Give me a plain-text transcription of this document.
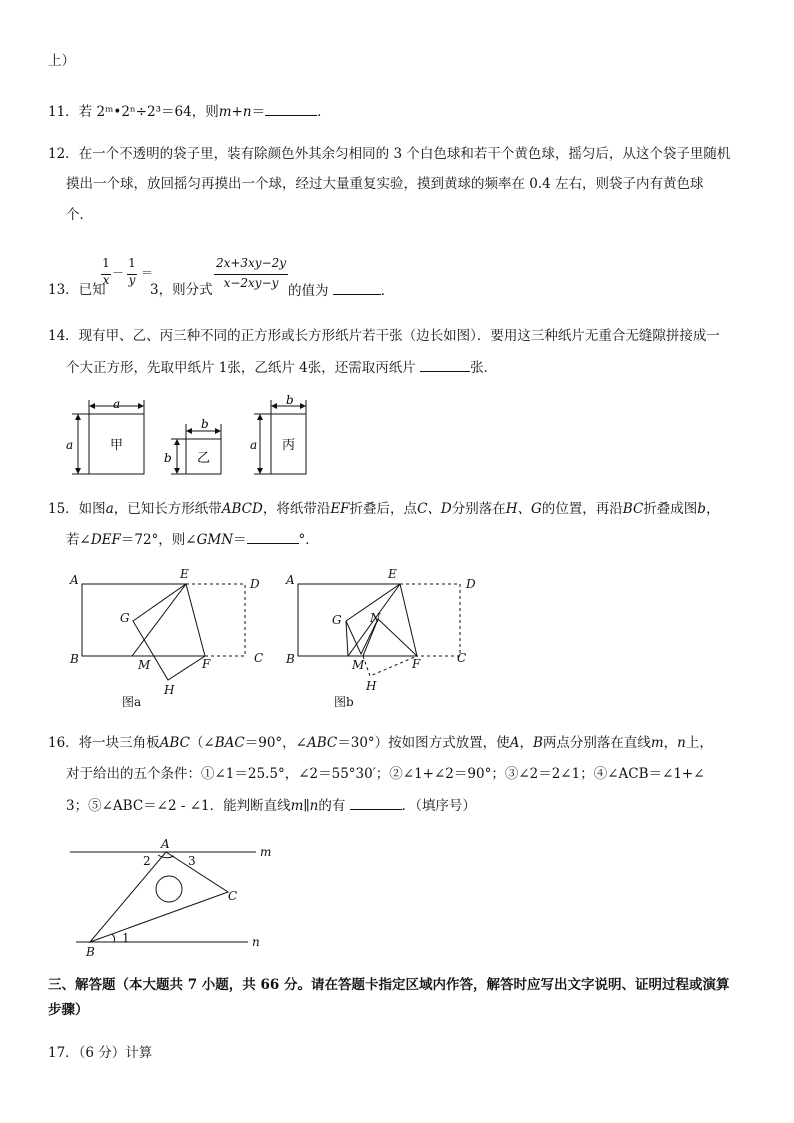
上）
11．若 2ᵐ•2ⁿ÷2³＝64，则m+n＝	．
12．在一个不透明的袋子里，装有除颜色外其余匀相同的 3 个白色球和若干个黄色球，摇匀后，从这个袋子里随机
摸出一个球，放回摇匀再摸出一个球，经过大量重复实验，摸到黄球的频率在 0.4 左右，则袋子内有黄色球
个．
13．已知
1
x －
1
y ＝
3，则分式
2x+3xy−2y
x−2xy−y 的值为	．
14．现有甲、乙、丙三种不同的正方形或长方形纸片若干张（边长如图）．要用这三种纸片无重合无缝隙拼接成一
个大正方形，先取甲纸片 1张，乙纸片 4张，还需取丙纸片	张．
a
a	甲
b
b 乙
b
a 丙
15．如图a，已知长方形纸带ABCD，将纸带沿EF折叠后，点C、D分别落在H、G的位置，再沿BC折叠成图b，
若∠DEF＝72°，则∠GMN＝	°．
A
B	C
D
E
F
G
H
M
图a
A
B	C
D
E
F
G
H
M
N
图b
16．将一块三角板ABC（∠BAC＝90°，∠ABC＝30°）按如图方式放置，使A，B两点分别落在直线m，n上，
对于给出的五个条件：①∠1＝25.5°，∠2＝55°30′；②∠1+∠2＝90°；③∠2＝2∠1；④∠ACB＝∠1+∠
3；⑤∠ABC＝∠2 - ∠1．能判断直线m∥n的有	．（填序号）
A
B
C
m
n
1
2	3
三、解答题（本大题共 7 小题，共 66 分。请在答题卡指定区域内作答，解答时应写出文字说明、证明过程或演算
步骤）
17．（6 分）计算
